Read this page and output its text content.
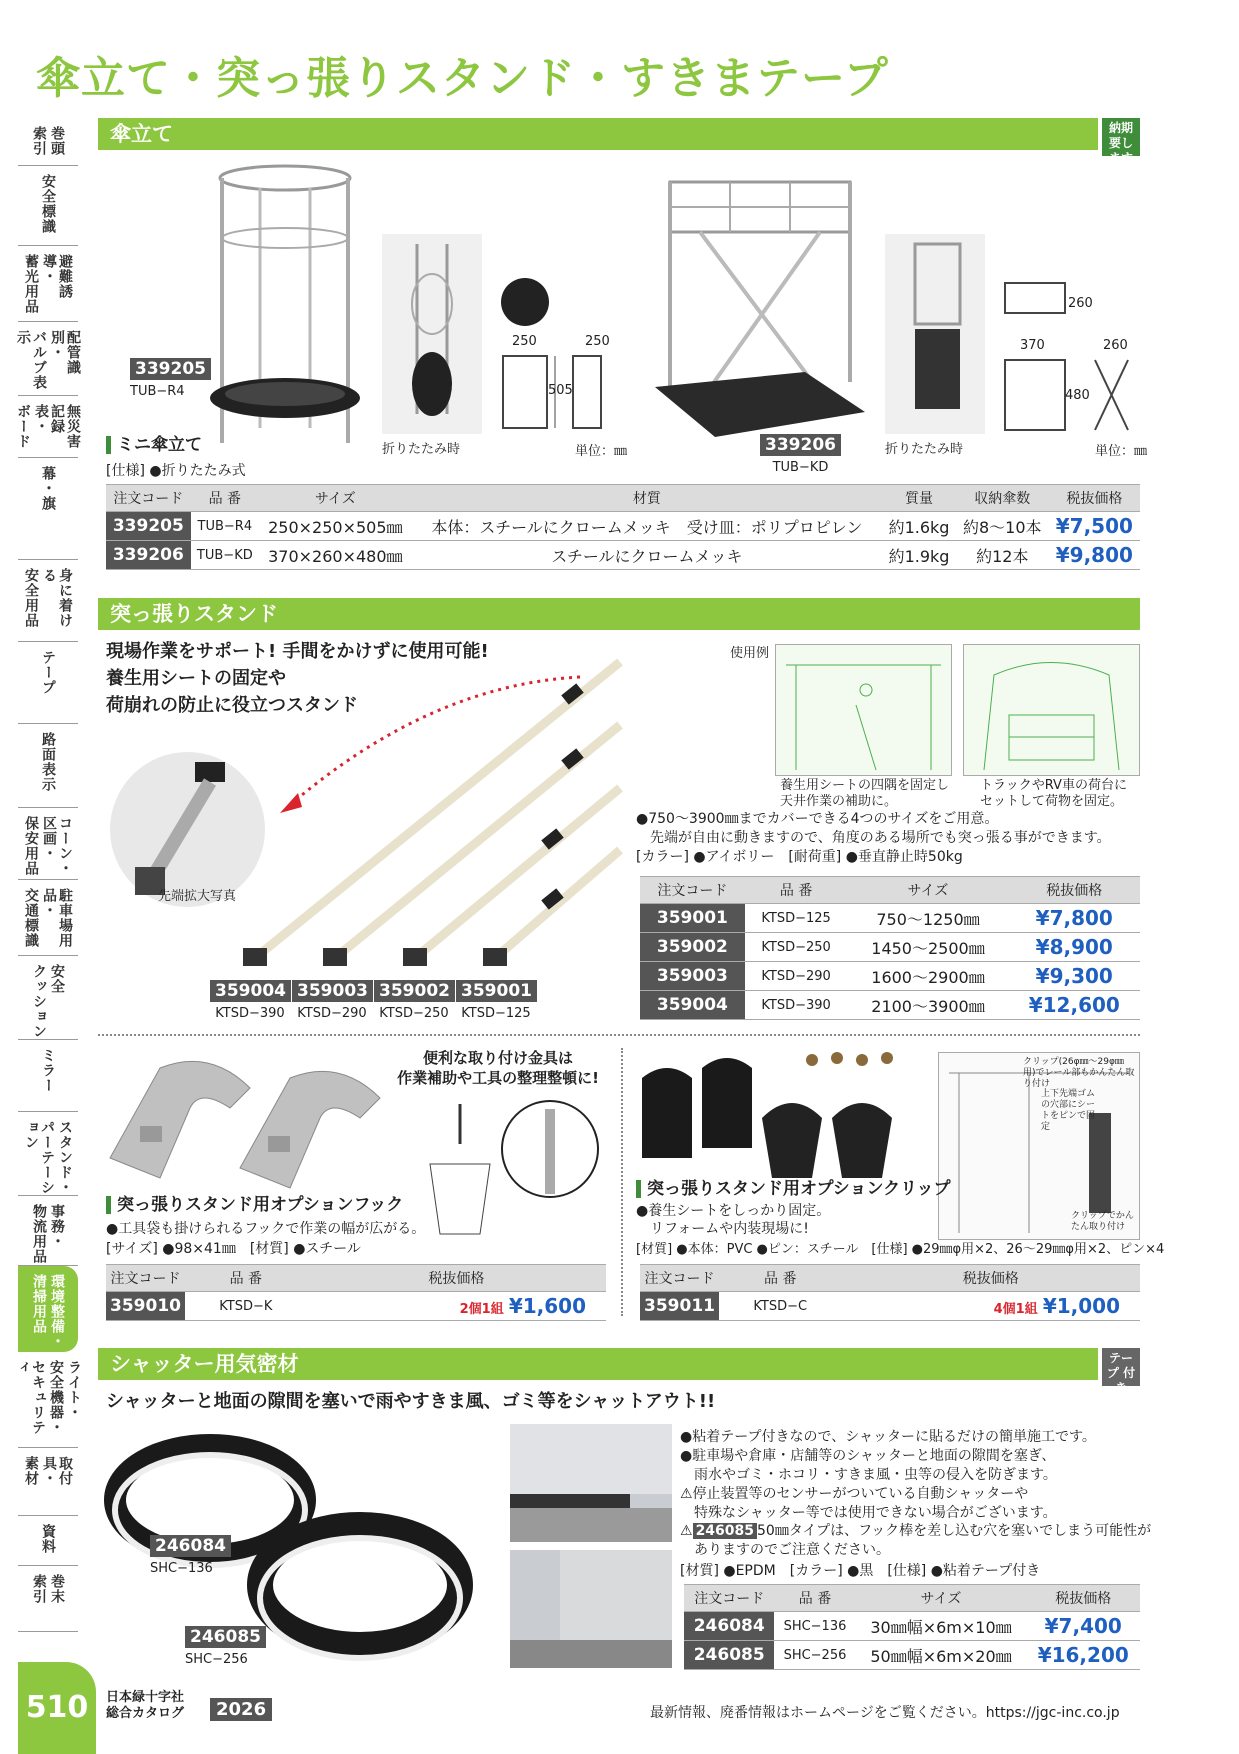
傘立て・突っ張りスタンド・すきまテープ
巻頭
索引
安全標識
避難誘導・
蓄光用品
配管識別・
バルブ表示
無災害記録表・
ボード
幕・旗
身に着ける
安全用品
テープ
路面表示
コーン・区画・
保安用品
駐車場用品・
交通標識
安全
クッション
ミラー
スタンド・
パーテーション
事務・
物流用品
環境整備・
清掃用品
ライト・
安全機器・
セキュリティ
取付具・
素材
資料
巻末
索引
傘立て	納期 要します
339205
TUB−R4
折りたたみ時
250	250
505
単位：㎜	339206
TUB−KD
折りたたみ時
260
370	260
480
単位：㎜
ミニ傘立て
[仕様] ●折りたたみ式
注文コード	品 番	サイズ	材質	質量	収納傘数	税抜価格
339205	TUB−R4	250×250×505㎜	本体：スチールにクロームメッキ　受け皿：ポリプロピレン	約1.6kg	約8〜10本	¥7,500
339206	TUB−KD	370×260×480㎜	スチールにクロームメッキ	約1.9kg	約12本	¥9,800
突っ張りスタンド
現場作業をサポート! 手間をかけずに使用可能!
養生用シートの固定や
荷崩れの防止に役立つスタンド
先端拡大写真
359004
KTSD−390
359003
KTSD−290
359002
KTSD−250
359001
KTSD−125
使用例
養生用シートの四隅を固定し
天井作業の補助に。
トラックやRV車の荷台に
セットして荷物を固定。
●750〜3900㎜までカバーできる4つのサイズをご用意。
　先端が自由に動きますので、角度のある場所でも突っ張る事ができます。
[カラー] ●アイボリー　[耐荷重] ●垂直静止時50kg
注文コード	品 番	サイズ	税抜価格
359001	KTSD−125	750〜1250㎜	¥7,800
359002	KTSD−250	1450〜2500㎜	¥8,900
359003	KTSD−290	1600〜2900㎜	¥9,300
359004	KTSD−390	2100〜3900㎜	¥12,600
便利な取り付け金具は
作業補助や工具の整理整頓に!
突っ張りスタンド用オプションフック
●工具袋も掛けられるフックで作業の幅が広がる。
[サイズ] ●98×41㎜　[材質] ●スチール
注文コード	品 番	税抜価格
359010	KTSD−K	2個1組 ¥1,600
クリップ(26φ㎜〜29φ㎜用)でレール部もかんたん取り付け
上下先端ゴムの穴部にシートをピンで固定
クリップでかんたん取り付け
突っ張りスタンド用オプションクリップ
●養生シートをしっかり固定。
　リフォームや内装現場に!
[材質] ●本体：PVC ●ピン：スチール　[仕様] ●29㎜φ用×2、26〜29㎜φ用×2、ピン×4
注文コード	品 番	税抜価格
359011	KTSD−C	4個1組 ¥1,000
シャッター用気密材	テープ 付き
シャッターと地面の隙間を塞いで雨やすきま風、ゴミ等をシャットアウト!!
246084
SHC−136
246085
SHC−256
●粘着テープ付きなので、シャッターに貼るだけの簡単施工です。
●駐車場や倉庫・店舗等のシャッターと地面の隙間を塞ぎ、
　雨水やゴミ・ホコリ・すきま風・虫等の侵入を防ぎます。
⚠停止装置等のセンサーがついている自動シャッターや
　特殊なシャッター等では使用できない場合がございます。
⚠ 246085 50㎜タイプは、フック棒を差し込む穴を塞いでしまう可能性が
　ありますのでご注意ください。
[材質] ●EPDM　[カラー] ●黒　[仕様] ●粘着テープ付き
注文コード	品 番	サイズ	税抜価格
246084	SHC−136	30㎜幅×6m×10㎜	¥7,400
246085	SHC−256	50㎜幅×6m×20㎜	¥16,200
510	日本緑十字社
総合カタログ	2026	最新情報、廃番情報はホームページをご覧ください。https://jgc-inc.co.jp
